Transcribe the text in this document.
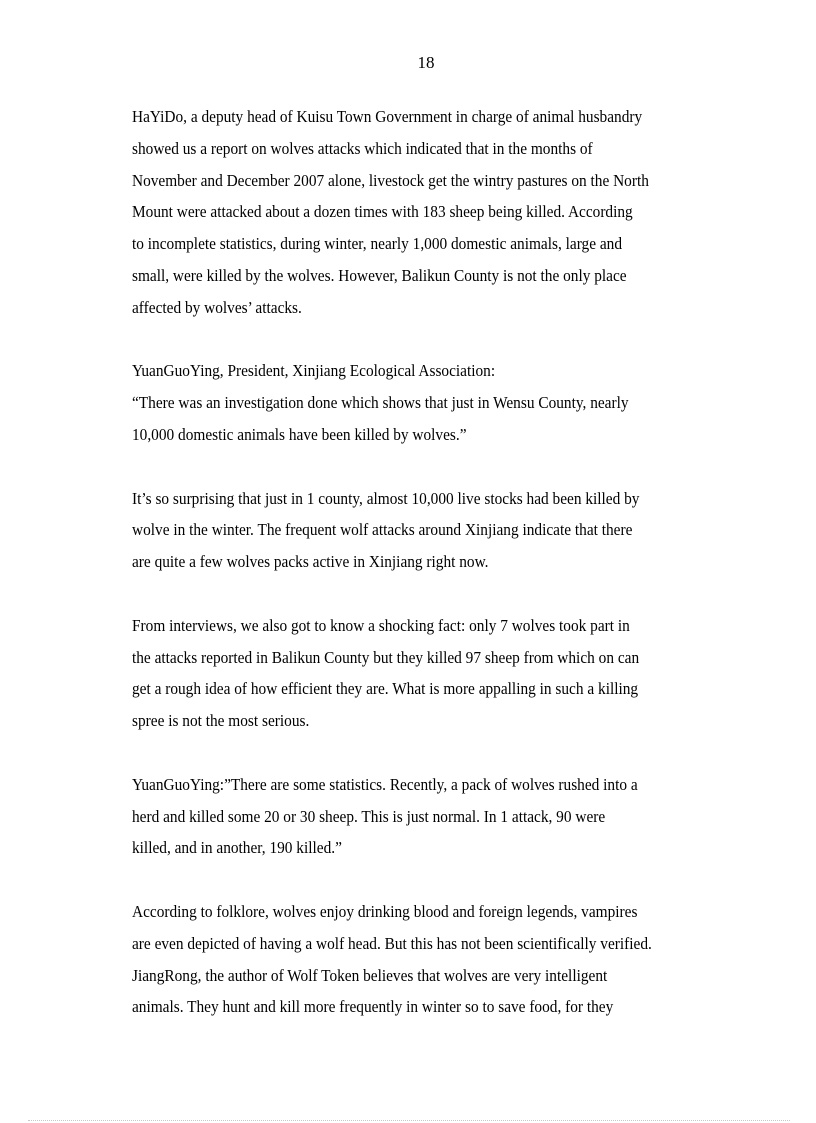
18
HaYiDo, a deputy head of Kuisu Town Government in charge of animal husbandry
showed us a report on wolves attacks which indicated that in the months of
November and December 2007 alone, livestock get the wintry pastures on the North
Mount were attacked about a dozen times with 183 sheep being killed. According
to incomplete statistics, during winter, nearly 1,000 domestic animals, large and
small, were killed by the wolves. However, Balikun County is not the only place
affected by wolves’ attacks.
YuanGuoYing, President, Xinjiang Ecological Association:
“There was an investigation done which shows that just in Wensu County, nearly
10,000 domestic animals have been killed by wolves.”
It’s so surprising that just in 1 county, almost 10,000 live stocks had been killed by
wolve in the winter. The frequent wolf attacks around Xinjiang indicate that there
are quite a few wolves packs active in Xinjiang right now.
From interviews, we also got to know a shocking fact: only 7 wolves took part in
the attacks reported in Balikun County but they killed 97 sheep from which on can
get a rough idea of how efficient they are. What is more appalling in such a killing
spree is not the most serious.
YuanGuoYing:”There are some statistics. Recently, a pack of wolves rushed into a
herd and killed some 20 or 30 sheep. This is just normal. In 1 attack, 90 were
killed, and in another, 190 killed.”
According to folklore, wolves enjoy drinking blood and foreign legends, vampires
are even depicted of having a wolf head. But this has not been scientifically verified.
JiangRong, the author of Wolf Token believes that wolves are very intelligent
animals. They hunt and kill more frequently in winter so to save food, for they
